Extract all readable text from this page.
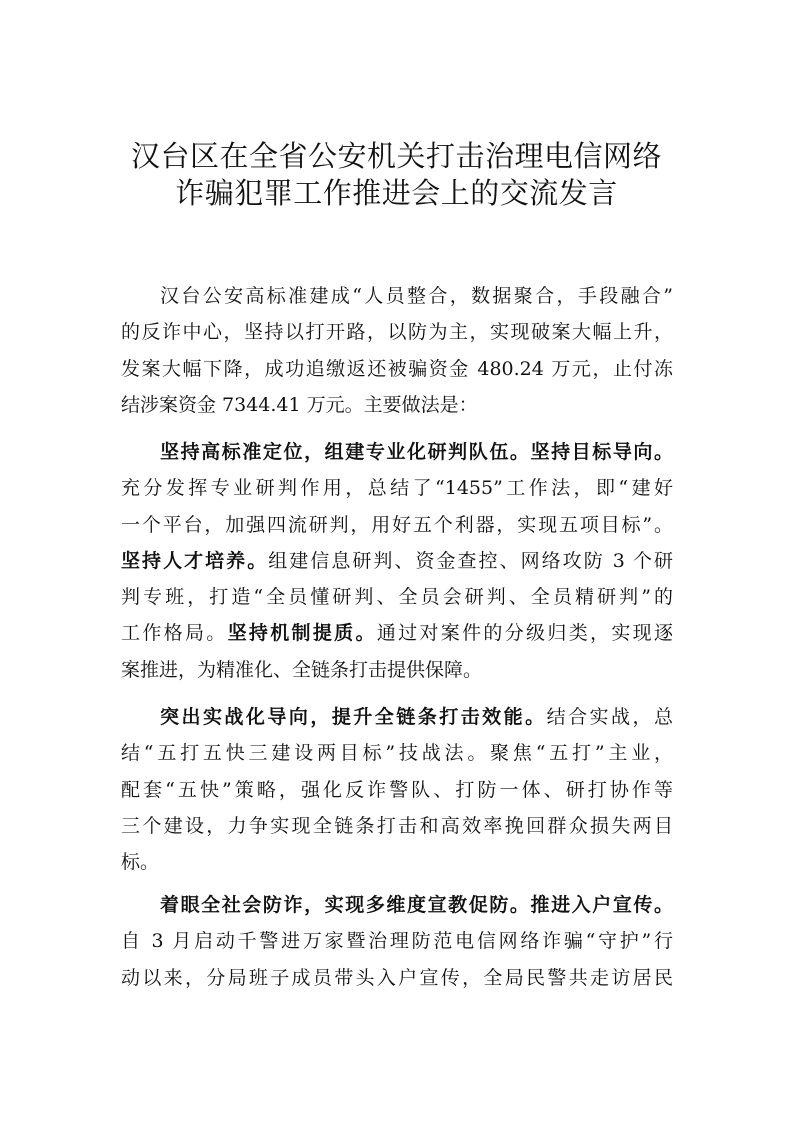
汉台区在全省公安机关打击治理电信网络
诈骗犯罪工作推进会上的交流发言
汉台公安高标准建成“人员整合，数据聚合，手段融合”
的反诈中心，坚持以打开路，以防为主，实现破案大幅上升，
发案大幅下降，成功追缴返还被骗资金 480.24 万元，止付冻
结涉案资金 7344.41 万元。主要做法是：
坚持高标准定位，组建专业化研判队伍。坚持目标导向。
充分发挥专业研判作用，总结了“1455”工作法，即“建好
一个平台，加强四流研判，用好五个利器，实现五项目标”。
坚持人才培养。组建信息研判、资金查控、网络攻防 3 个研
判专班，打造“全员懂研判、全员会研判、全员精研判”的
工作格局。坚持机制提质。通过对案件的分级归类，实现逐
案推进，为精准化、全链条打击提供保障。
突出实战化导向，提升全链条打击效能。结合实战，总
结“五打五快三建设两目标”技战法。聚焦“五打”主业，
配套“五快”策略，强化反诈警队、打防一体、研打协作等
三个建设，力争实现全链条打击和高效率挽回群众损失两目
标。
着眼全社会防诈，实现多维度宣教促防。推进入户宣传。
自 3 月启动千警进万家暨治理防范电信网络诈骗“守护”行
动以来，分局班子成员带头入户宣传，全局民警共走访居民
